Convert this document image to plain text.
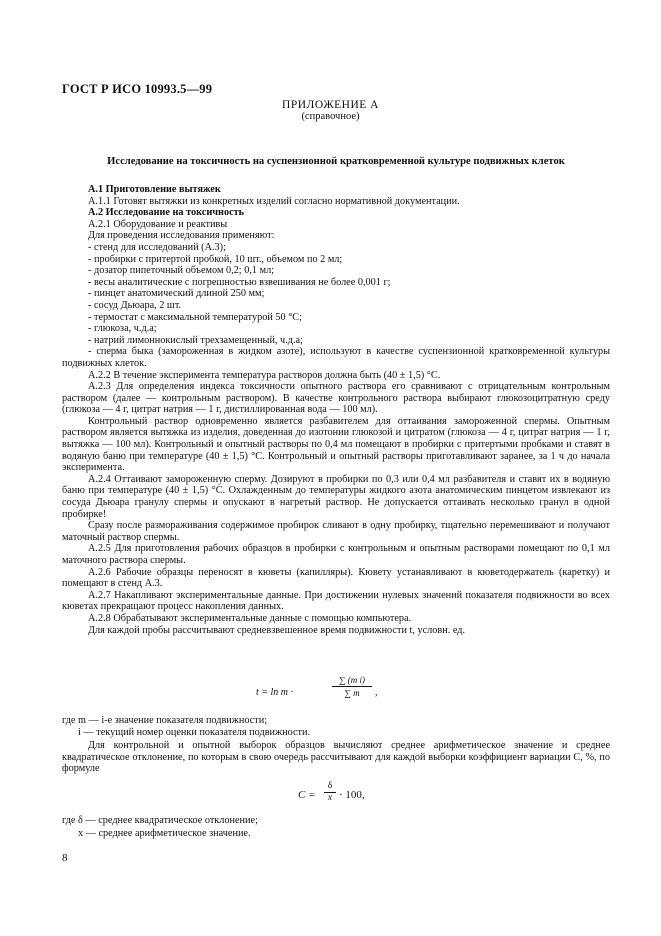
ГОСТ Р ИСО 10993.5—99
ПРИЛОЖЕНИЕ А
(справочное)
Исследование на токсичность на суспензионной кратковременной культуре подвижных клеток

А.1 Приготовление вытяжек

А.1.1 Готовят вытяжки из конкретных изделий согласно нормативной документации.

А.2 Исследование на токсичность

А.2.1 Оборудование и реактивы

Для проведения исследования применяют:

- стенд для исследований (А.3);

- пробирки с притертой пробкой, 10 шт., объемом по 2 мл;

- дозатор пипеточный объемом 0,2; 0,1 мл;

- весы аналитические с погрешностью взвешивания не более 0,001 г;

- пинцет анатомический длиной 250 мм;

- сосуд Дьюара, 2 шт.

- термостат с максимальной температурой 50 °С;

- глюкоза, ч.д.а;

- натрий лимоннокислый трехзамещенный, ч.д.а;

- сперма быка (замороженная в жидком азоте), используют в качестве суспензионной кратковременной культуры подвижных клеток.

А.2.2 В течение эксперимента температура растворов должна быть (40 ± 1,5) °С.

А.2.3 Для определения индекса токсичности опытного раствора его сравнивают с отрицательным контрольным раствором (далее — контрольным раствором). В качестве контрольного раствора выбирают глюкозоцитратную среду (глюкоза — 4 г, цитрат натрия — 1 г, дистиллированная вода — 100 мл).

Контрольный раствор одновременно является разбавителем для оттаивания замороженной спермы. Опытным раствором является вытяжка из изделия, доведенная до изотонии глюкозой и цитратом (глюкоза — 4 г, цитрат натрия — 1 г, вытяжка — 100 мл). Контрольный и опытный растворы по 0,4 мл помещают в пробирки с притертыми пробками и ставят в водяную баню при температуре (40 ± 1,5) °С. Контрольный и опытный растворы приготавливают заранее, за 1 ч до начала эксперимента.

А.2.4 Оттаивают замороженную сперму. Дозируют в пробирки по 0,3 или 0,4 мл разбавителя и ставят их в водяную баню при температуре (40 ± 1,5) °С. Охлажденным до температуры жидкого азота анатомическим пинцетом извлекают из сосуда Дьюара гранулу спермы и опускают в нагретый раствор. Не допускается оттаивать несколько гранул в одной пробирке!

Сразу после размораживания содержимое пробирок сливают в одну пробирку, тщательно перемешивают и получают маточный раствор спермы.

А.2.5 Для приготовления рабочих образцов в пробирки с контрольным и опытным растворами помещают по 0,1 мл маточного раствора спермы.

А.2.6 Рабочие образцы переносят в кюветы (капилляры). Кювету устанавливают в кюветодержатель (каретку) и помещают в стенд А.3.

А.2.7 Накапливают экспериментальные данные. При достижении нулевых значений показателя подвижности во всех кюветах прекращают процесс накопления данных.

А.2.8 Обрабатывают экспериментальные данные с помощью компьютера.

Для каждой пробы рассчитывают средневзвешенное время подвижности t, условн. ед.

t = ln m ·	$\frac{\text{∑ (m i)}}{\sum m}$ ,
где m — i-е значение показателя подвижности;
i — текущий номер оценки показателя подвижности.

Для контрольной и опытной выборок образцов вычисляют среднее арифметическое значение и среднее квадратическое отклонение, по которым в свою очередь рассчитывают для каждой выборки коэффициент вариации C, %, по формуле

$C = \frac{\delta}{x} \cdot 100$,
где δ — среднее квадратическое отклонение;
x — среднее арифметическое значение.
8
